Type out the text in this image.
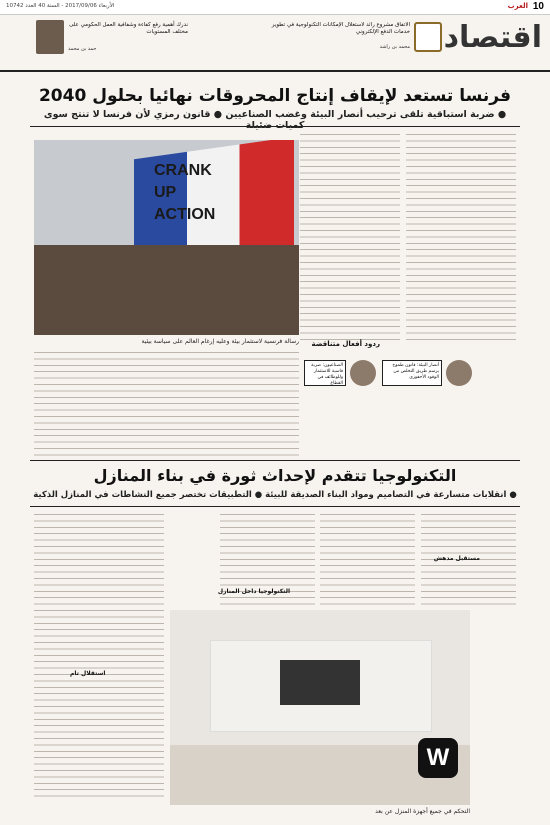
10
العرب
الأربعاء 2017/09/06 - السنة 40 العدد 10742
اقتصاد
الاتفاق مشروع رائد لاستغلال الإمكانات التكنولوجية في تطوير خدمات الدفع الإلكتروني
محمد بن راشد
ندرك أهمية رفع كفاءة وشفافية العمل الحكومي على مختلف المستويات
حمد بن محمد
فرنسا تستعد لإيقاف إنتاج المحروقات نهائيا بحلول 2040
● ضربة استباقية تلقى ترحيب أنصار البيئة وغضب الصناعيين ● قانون رمزي لأن فرنسا لا تنتج سوى
CRANK UP ACTION
رسالة فرنسية لاستثمار بيئة وعليه إرغام العالم على سياسة بيئية ردود أفعال متناقضة
أنصار البيئة: قانون طموح يرسم طريق التخلص من الوقود الأحفوري
الصناعيون: ضربة قاسية للاستثمار وللوظائف في القطاع
التكنولوجيا تتقدم لإحداث ثورة في بناء المنازل
● انقلابات متسارعة في التصاميم ومواد البناء الصديقة للبيئة ● التطبيقات تختصر جميع النشاطات في المنازل الذكية
مستقبل مدهش
التكنولوجيا داخل المنازل
استقلال تام
W
التحكم في جميع أجهزة المنزل عن بعد
